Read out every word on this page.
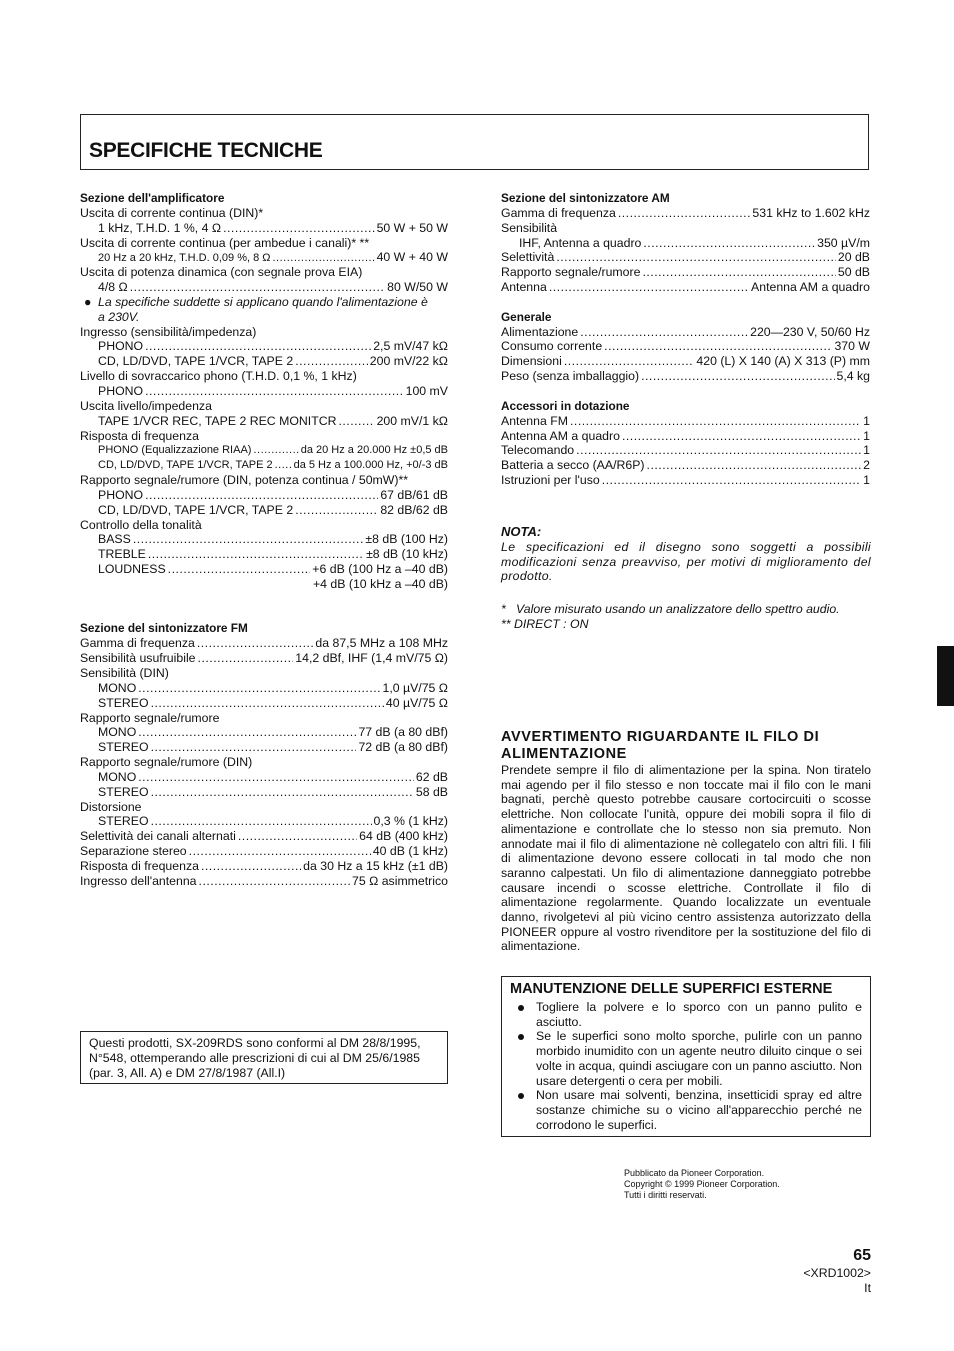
SPECIFICHE TECNICHE
Sezione dell'amplificatore
Uscita di corrente continua (DIN)*
1 kHz, T.H.D. 1 %, 4 Ω .....	50 W + 50 W
Uscita di corrente continua (per ambedue i canali)* **
20 Hz a 20 kHz, T.H.D. 0,09 %, 8 Ω .....	40 W + 40 W
Uscita di potenza dinamica (con segnale prova EIA)
4/8 Ω .....	80 W/50 W
● La specifiche suddette si applicano quando l'alimentazione è
a 230V.
Ingresso (sensibilità/impedenza)
PHONO .....	2,5 mV/47 kΩ
CD, LD/DVD, TAPE 1/VCR, TAPE 2 .....	200 mV/22 kΩ
Livello di sovraccarico phono (T.H.D. 0,1 %, 1 kHz)
PHONO .....	100 mV
Uscita livello/impedenza
TAPE 1/VCR REC, TAPE 2 REC MONITCR .....	200 mV/1 kΩ
Risposta di frequenza
PHONO (Equalizzazione RIAA) .....	da 20 Hz a 20.000 Hz ±0,5 dB
CD, LD/DVD, TAPE 1/VCR, TAPE 2 ..... da 5 Hz a 100.000 Hz, +0/-3 dB
Rapporto segnale/rumore (DIN, potenza continua / 50mW)**
PHONO .....	67 dB/61 dB
CD, LD/DVD, TAPE 1/VCR, TAPE 2 .....	82 dB/62 dB
Controllo della tonalità
BASS .....	±8 dB (100 Hz)
TREBLE .....	±8 dB (10 kHz)
LOUDNESS .....	+6 dB (100 Hz a –40 dB)
+4 dB (10 kHz a –40 dB)
Sezione del sintonizzatore FM
Gamma di frequenza .....	da 87,5 MHz a 108 MHz
Sensibilità usufruibile .....	14,2 dBf, IHF (1,4 mV/75 Ω)
Sensibilità (DIN)
MONO .....	1,0 µV/75 Ω
STEREO .....	40 µV/75 Ω
Rapporto segnale/rumore
MONO .....	77 dB (a 80 dBf)
STEREO .....	72 dB (a 80 dBf)
Rapporto segnale/rumore (DIN)
MONO .....	62 dB
STEREO .....	58 dB
Distorsione
STEREO .....	0,3 % (1 kHz)
Selettività dei canali alternati .....	64 dB (400 kHz)
Separazione stereo .....	40 dB (1 kHz)
Risposta di frequenza .....	da 30 Hz a 15 kHz (±1 dB)
Ingresso dell'antenna .....	75 Ω asimmetrico
Questi prodotti, SX-209RDS sono conformi al DM 28/8/1995,
N°548, ottemperando alle prescrizioni di cui al DM 25/6/1985
(par. 3, All. A) e DM 27/8/1987 (All.I)
Sezione del sintonizzatore AM
Gamma di frequenza .....	531 kHz to 1.602 kHz
Sensibilità
IHF, Antenna a quadro .....	350 µV/m
Selettività .....	20 dB
Rapporto segnale/rumore .....	50 dB
Antenna .....	Antenna AM a quadro
Generale
Alimentazione .....	220—230 V, 50/60 Hz
Consumo corrente .....	370 W
Dimensioni .....	420 (L) X 140 (A) X 313 (P) mm
Peso (senza imballaggio) .....	5,4 kg
Accessori in dotazione
Antenna FM .....	1
Antenna AM a quadro .....	1
Telecomando .....	1
Batteria a secco (AA/R6P) .....	2
Istruzioni per l'uso .....	1
NOTA:
Le specificazioni ed il disegno sono soggetti a possibili modificazioni senza preavviso, per motivi di miglioramento del prodotto.
*   Valore misurato usando un analizzatore dello spettro audio.
** DIRECT : ON
AVVERTIMENTO RIGUARDANTE IL FILO DI
ALIMENTAZIONE
Prendete sempre il filo di alimentazione per la spina. Non tiratelo mai agendo per il filo stesso e non toccate mai il filo con le mani bagnati, perchè questo potrebbe causare cortocircuiti o scosse elettriche. Non collocate l'unità, oppure dei mobili sopra il filo di alimentazione e controllate che lo stesso non sia premuto. Non annodate mai il filo di alimentazione nè collegatelo con altri fili. I fili di alimentazione devono essere collocati in tal modo che non saranno calpestati. Un filo di alimentazione danneggiato potrebbe causare incendi o scosse elettriche. Controllate il filo di alimentazione regolarmente. Quando localizzate un eventuale danno, rivolgetevi al più vicino centro assistenza autorizzato della PIONEER oppure al vostro rivenditore per la sostituzione del filo di alimentazione.
MANUTENZIONE DELLE SUPERFICI ESTERNE
Togliere la polvere e lo sporco con un panno pulito e asciutto.
Se le superfici sono molto sporche, pulirle con un panno morbido inumidito con un agente neutro diluito cinque o sei volte in acqua, quindi asciugare con un panno asciutto. Non usare detergenti o cera per mobili.
Non usare mai solventi, benzina, insetticidi spray ed altre sostanze chimiche su o vicino all'apparecchio perché ne corrodono le superfici.
Pubblicato da Pioneer Corporation.
Copyright © 1999 Pioneer Corporation.
Tutti i diritti reservati.
65
<XRD1002>
It
